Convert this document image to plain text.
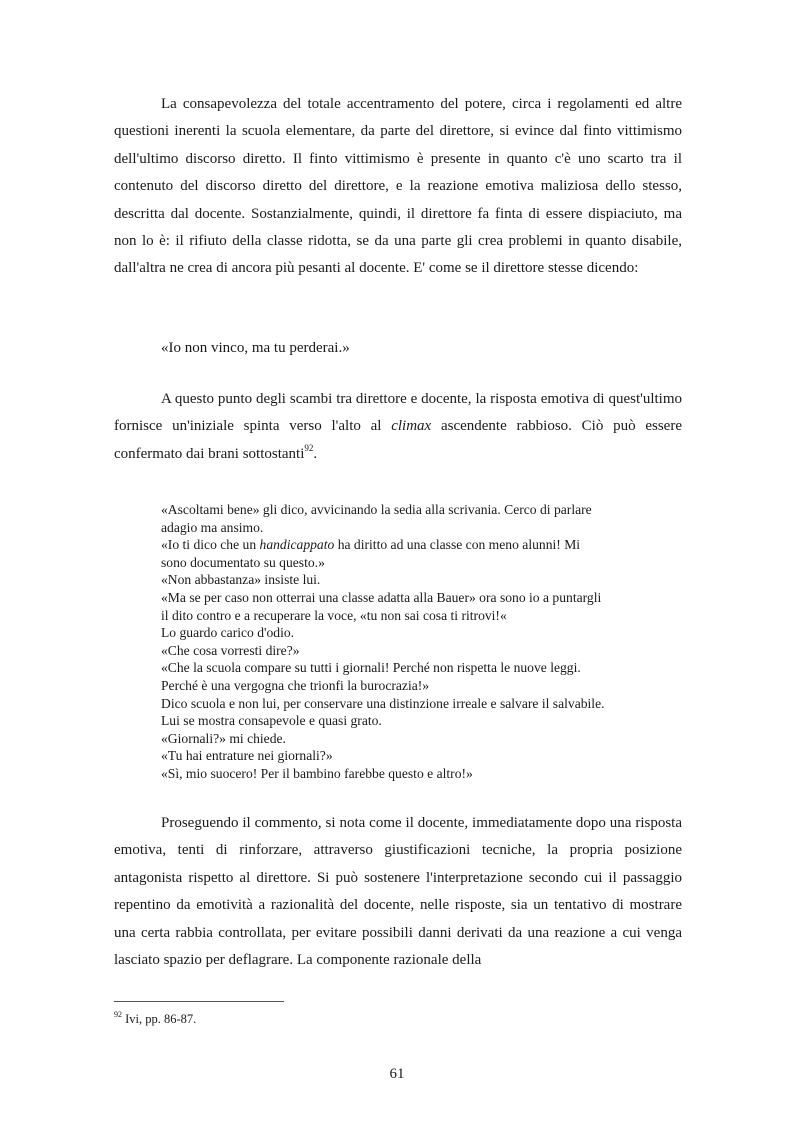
La consapevolezza del totale accentramento del potere, circa i regolamenti ed altre questioni inerenti la scuola elementare, da parte del direttore, si evince dal finto vittimismo dell'ultimo discorso diretto. Il finto vittimismo è presente in quanto c'è uno scarto tra il contenuto del discorso diretto del direttore, e la reazione emotiva maliziosa dello stesso, descritta dal docente. Sostanzialmente, quindi, il direttore fa finta di essere dispiaciuto, ma non lo è: il rifiuto della classe ridotta, se da una parte gli crea problemi in quanto disabile, dall'altra ne crea di ancora più pesanti al docente. E' come se il direttore stesse dicendo:

«Io non vinco, ma tu perderai.»

A questo punto degli scambi tra direttore e docente, la risposta emotiva di quest'ultimo fornisce un'iniziale spinta verso l'alto al climax ascendente rabbioso. Ciò può essere confermato dai brani sottostanti$^{92}$.

«Ascoltami bene» gli dico, avvicinando la sedia alla scrivania. Cerco di parlare
adagio ma ansimo.
«Io ti dico che un handicappato ha diritto ad una classe con meno alunni! Mi
sono documentato su questo.»
«Non abbastanza» insiste lui.
«Ma se per caso non otterrai una classe adatta alla Bauer» ora sono io a puntargli
il dito contro e a recuperare la voce, «tu non sai cosa ti ritrovi!«
Lo guardo carico d'odio.
«Che cosa vorresti dire?»
«Che la scuola compare su tutti i giornali! Perché non rispetta le nuove leggi.
Perché è una vergogna che trionfi la burocrazia!»
Dico scuola e non lui, per conservare una distinzione irreale e salvare il salvabile.
Lui se mostra consapevole e quasi grato.
«Giornali?» mi chiede.
«Tu hai entrature nei giornali?»
«Sì, mio suocero! Per il bambino farebbe questo e altro!»

Proseguendo il commento, si nota come il docente, immediatamente dopo una risposta emotiva, tenti di rinforzare, attraverso giustificazioni tecniche, la propria posizione antagonista rispetto al direttore. Si può sostenere l'interpretazione secondo cui il passaggio repentino da emotività a razionalità del docente, nelle risposte, sia un tentativo di mostrare una certa rabbia controllata, per evitare possibili danni derivati da una reazione a cui venga lasciato spazio per deflagrare. La componente razionale della

$^{92}$ Ivi, pp. 86-87.

61
